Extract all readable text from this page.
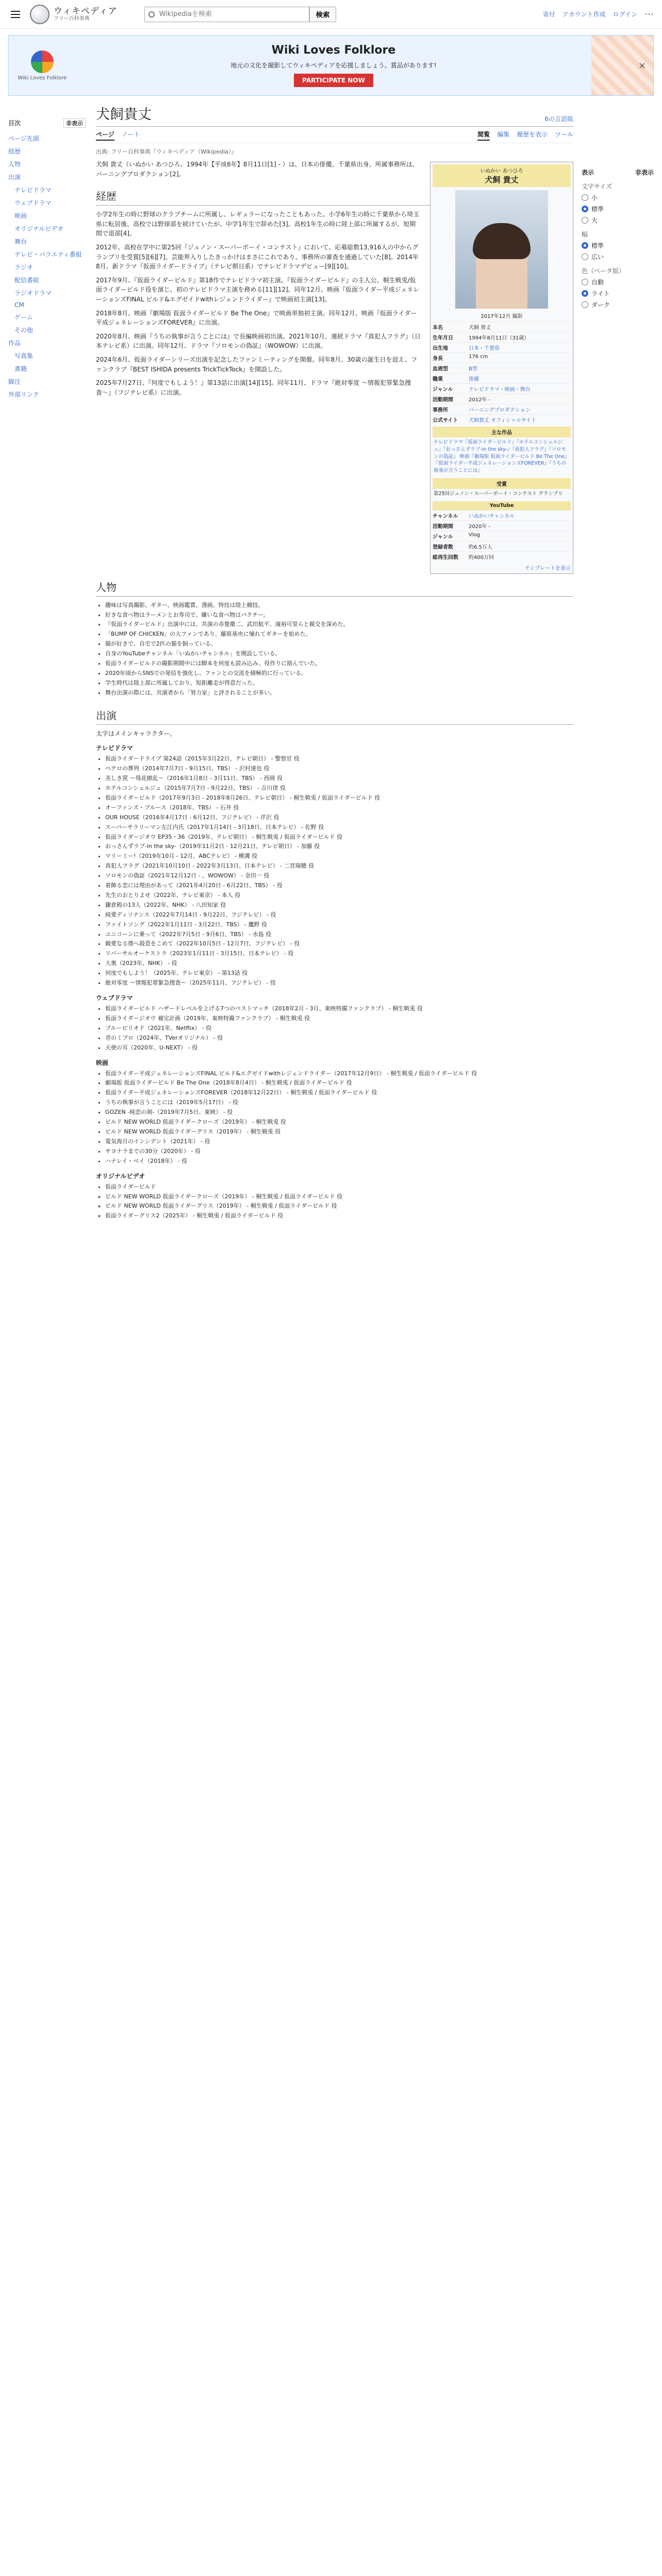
ウィキペディア
フリー百科事典
Wikipediaを検索	検索	寄付 アカウント作成 ログイン ⋯
Wiki Loves Folklore
Wiki Loves Folklore
地元の文化を撮影してウィキペディアを応援しましょう。賞品があります!
PARTICIPATE NOW
×
目次	非表示
ページ先頭
経歴
人物
出演
テレビドラマ
ウェブドラマ
映画
オリジナルビデオ
舞台
テレビ・バラエティ番組
ラジオ
配信番組
ラジオドラマ
CM
ゲーム
その他
作品
写真集
書籍
脚注
外部リンク
犬飼貴丈	6の言語版
ページ ノート	閲覧 編集 履歴を表示 ツール
出典: フリー百科事典『ウィキペディア（Wikipedia）』
いぬかい あつひろ
犬飼 貴丈
2017年12月 撮影
本名	犬飼 貴丈
生年月日	1994年8月11日（31歳）
出生地	日本・千葉県
身長	176 cm
血液型	B型
職業	俳優
ジャンル	テレビドラマ・映画・舞台
活動期間	2012年 -
事務所	バーニングプロダクション
公式サイト	犬飼貴丈 オフィシャルサイト
主な作品
テレビドラマ『仮面ライダービルド』『ホテルコンシェルジュ』『おっさんずラブ-in the sky-』『真犯人フラグ』『ソロモンの偽証』 映画『劇場版 仮面ライダービルド Be The One』『仮面ライダー平成ジェネレーションズFOREVER』『うちの執事が言うことには』
受賞
第25回ジュノン・スーパーボーイ・コンテスト グランプリ
YouTube
チャンネル	いぬかいチャンネル
活動期間	2020年 -
ジャンル	Vlog
登録者数	約6.5万人
総再生回数	約400万回
テンプレートを表示

犬飼 貴丈（いぬかい あつひろ、1994年【平成6年】8月11日[1] - ）は、日本の俳優。千葉県出身。所属事務所は、バーニングプロダクション[2]。

経歴

小学2年生の時に野球のクラブチームに所属し、レギュラーになったこともあった。小学6年生の時に千葉県から埼玉県に転居後、高校では野球部を続けていたが、中学1年生で辞めた[3]。高校1年生の時に陸上部に所属するが、短期間で退部[4]。

2012年、高校在学中に第25回『ジュノン・スーパーボーイ・コンテスト』において、応募総数13,916人の中からグランプリを受賞[5][6][7]。芸能界入りしたきっかけはまさにこれであり、事務所の審査を通過していた[8]。2014年8月、新ドラマ『仮面ライダードライブ』（テレビ朝日系）でテレビドラマデビュー[9][10]。

2017年9月、『仮面ライダービルド』第18作でテレビドラマ初主演。『仮面ライダービルド』の主人公、桐生戦兎/仮面ライダービルド役を演じ、初のテレビドラマ主演を務める[11][12]。同年12月、映画『仮面ライダー平成ジェネレーションズFINAL ビルド&エグゼイドwithレジェンドライダー』で映画初主演[13]。

2018年8月、映画『劇場版 仮面ライダービルド Be The One』で映画単独初主演。同年12月、映画『仮面ライダー平成ジェネレーションズFOREVER』に出演。

2020年8月、映画『うちの執事が言うことには』で長編映画初出演。2021年10月、連続ドラマ『真犯人フラグ』（日本テレビ系）に出演。同年12月、ドラマ『ソロモンの偽証』（WOWOW）に出演。

2024年6月、仮面ライダーシリーズ出演を記念したファンミーティングを開催。同年8月、30歳の誕生日を迎え、ファンクラブ『BEST ISHIDA presents TrickTickTock』を開設した。

2025年7月27日、『何度でもしよう！』第13話に出演[14][15]。同年11月、ドラマ『絶対零度 〜情報犯罪緊急捜査〜』（フジテレビ系）に出演。

人物
• 趣味は写真撮影、ギター、映画鑑賞、漫画。特技は陸上競技。
• 好きな食べ物はラーメンとお寿司で、嫌いな食べ物はパクチー。
• 『仮面ライダービルド』出演中には、共演の赤楚衛二、武田航平、滝裕可里らと親交を深めた。
• 「BUMP OF CHICKEN」の大ファンであり、藤原基央に憧れてギターを始めた。
• 猫が好きで、自宅で2匹の猫を飼っている。
• 自身のYouTubeチャンネル「いぬかいチャンネル」を開設している。
• 仮面ライダービルドの撮影期間中には脚本を何度も読み込み、役作りに励んでいた。
• 2020年頃からSNSでの発信を強化し、ファンとの交流を積極的に行っている。
• 学生時代は陸上部に所属しており、短距離走が得意だった。
• 舞台出演の際には、共演者から「努力家」と評されることが多い。
出演

太字はメインキャラクター。

テレビドラマ
• 仮面ライダードライブ 第24話（2015年3月22日、テレビ朝日） - 警察官 役
• ペテロの葬列（2014年7月7日 - 9月15日、TBS） - 沢村達也 役
• 美しき罠 〜残花繚乱〜（2016年1月8日 - 3月11日、TBS） - 西岡 役
• ホテルコンシェルジュ（2015年7月7日 - 9月22日、TBS） - 吉川律 役
• 仮面ライダービルド（2017年9月3日 - 2018年8月26日、テレビ朝日） - 桐生戦兎 / 仮面ライダービルド 役
• オーファンズ・ブルース（2018年、TBS） - 石井 役
• OUR HOUSE（2016年4月17日 - 6月12日、フジテレビ） - 芹沢 役
• スーパーサラリーマン左江内氏（2017年1月14日 - 3月18日、日本テレビ） - 佐野 役
• 仮面ライダージオウ EP35・36（2019年、テレビ朝日） - 桐生戦兎 / 仮面ライダービルド 役
• おっさんずラブ-in the sky-（2019年11月2日 - 12月21日、テレビ朝日） - 加藤 役
• マリーミー!（2019年10月 - 12月、ABCテレビ） - 横溝 役
• 真犯人フラグ（2021年10月10日 - 2022年3月13日、日本テレビ） - 二宮瑞穂 役
• ソロモンの偽証（2021年12月12日 - 、WOWOW） - 金田一 役
• 着飾る恋には理由があって（2021年4月20日 - 6月22日、TBS） - 役
• 先生のおとりよせ（2022年、テレビ東京） - 本人 役
• 鎌倉殿の13人（2022年、NHK） - 八田知家 役
• 純愛ディソナンス（2022年7月14日 - 9月22日、フジテレビ） - 役
• ファイトソング（2022年1月11日 - 3月22日、TBS） - 鷹野 役
• ユニコーンに乗って（2022年7月5日 - 9月6日、TBS） - 水島 役
• 親愛なる僕へ殺意をこめて（2022年10月5日 - 12月7日、フジテレビ） - 役
• リバーサルオーケストラ（2023年1月11日 - 3月15日、日本テレビ） - 役
• 大奥（2023年、NHK） - 役
• 何度でもしよう！（2025年、テレビ東京） - 第13話 役
• 絶対零度 〜情報犯罪緊急捜査〜（2025年11月、フジテレビ） - 役
ウェブドラマ
• 仮面ライダービルド ハザードレベルを上げる7つのベストマッチ（2018年2月 - 3月、東映特撮ファンクラブ） - 桐生戦兎 役
• 仮面ライダージオウ 補完計画（2019年、東映特撮ファンクラブ） - 桐生戦兎 役
• ブルーピリオド（2021年、Netflix） - 役
• 青のミブロ（2024年、TVerオリジナル） - 役
• 天使の耳（2020年、U-NEXT） - 役
映画
• 仮面ライダー平成ジェネレーションズFINAL ビルド&エグゼイドwithレジェンドライダー（2017年12月9日） - 桐生戦兎 / 仮面ライダービルド 役
• 劇場版 仮面ライダービルド Be The One（2018年8月4日） - 桐生戦兎 / 仮面ライダービルド 役
• 仮面ライダー平成ジェネレーションズFOREVER（2018年12月22日） - 桐生戦兎 / 仮面ライダービルド 役
• うちの執事が言うことには（2019年5月17日） - 役
• GOZEN -純恋の剣-（2019年7月5日、東映） - 役
• ビルド NEW WORLD 仮面ライダークローズ（2019年） - 桐生戦兎 役
• ビルド NEW WORLD 仮面ライダーグリス（2019年） - 桐生戦兎 役
• 電気海月のインシデント（2021年） - 役
• サヨナラまでの30分（2020年） - 役
• ハナレイ・ベイ（2018年） - 役
オリジナルビデオ
• 仮面ライダービルド
◦ ビルド NEW WORLD 仮面ライダークローズ（2019年） - 桐生戦兎 / 仮面ライダービルド 役
◦ ビルド NEW WORLD 仮面ライダーグリス（2019年） - 桐生戦兎 / 仮面ライダービルド 役
◦ 仮面ライダーグリス2（2025年） - 桐生戦兎 / 仮面ライダービルド 役
表示	非表示
文字サイズ
小
標準
大
幅
標準
広い
色（ベータ版）
自動
ライト
ダーク
